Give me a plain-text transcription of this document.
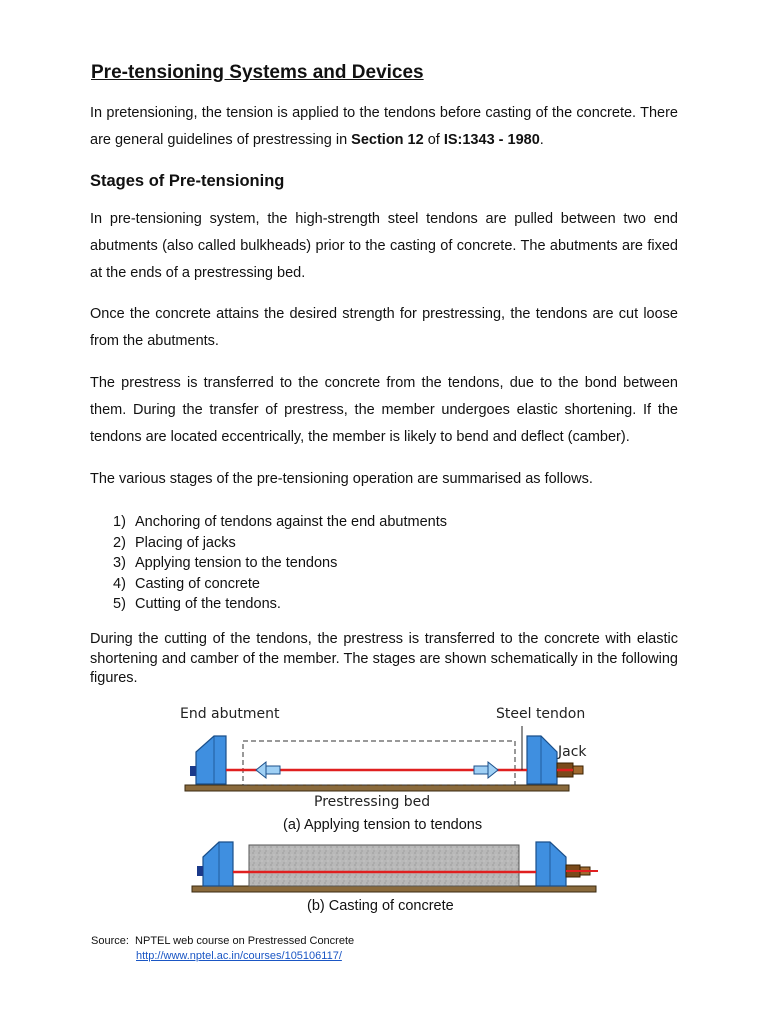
Pre-tensioning Systems and Devices

In pretensioning, the tension is applied to the tendons before casting of the concrete. There are general guidelines of prestressing in Section 12 of IS:1343 - 1980.

Stages of Pre-tensioning

In pre-tensioning system, the high-strength steel tendons are pulled between two end abutments (also called bulkheads) prior to the casting of concrete. The abutments are fixed at the ends of a prestressing bed.

Once the concrete attains the desired strength for prestressing, the tendons are cut loose from the abutments.

The prestress is transferred to the concrete from the tendons, due to the bond between them. During the transfer of prestress, the member undergoes elastic shortening. If the tendons are located eccentrically, the member is likely to bend and deflect (camber).

The various stages of the pre-tensioning operation are summarised as follows.

1) Anchoring of tendons against the end abutments
2) Placing of jacks
3) Applying tension to the tendons
4) Casting of concrete
5) Cutting of the tendons.

During the cutting of the tendons, the prestress is transferred to the concrete with elastic shortening and camber of the member. The stages are shown schematically in the following figures.

End abutment	Steel tendon
Jack
Prestressing bed
(a) Applying tension to tendons
(b) Casting of concrete
Source: NPTEL web course on Prestressed Concrete
http://www.nptel.ac.in/courses/105106117/
